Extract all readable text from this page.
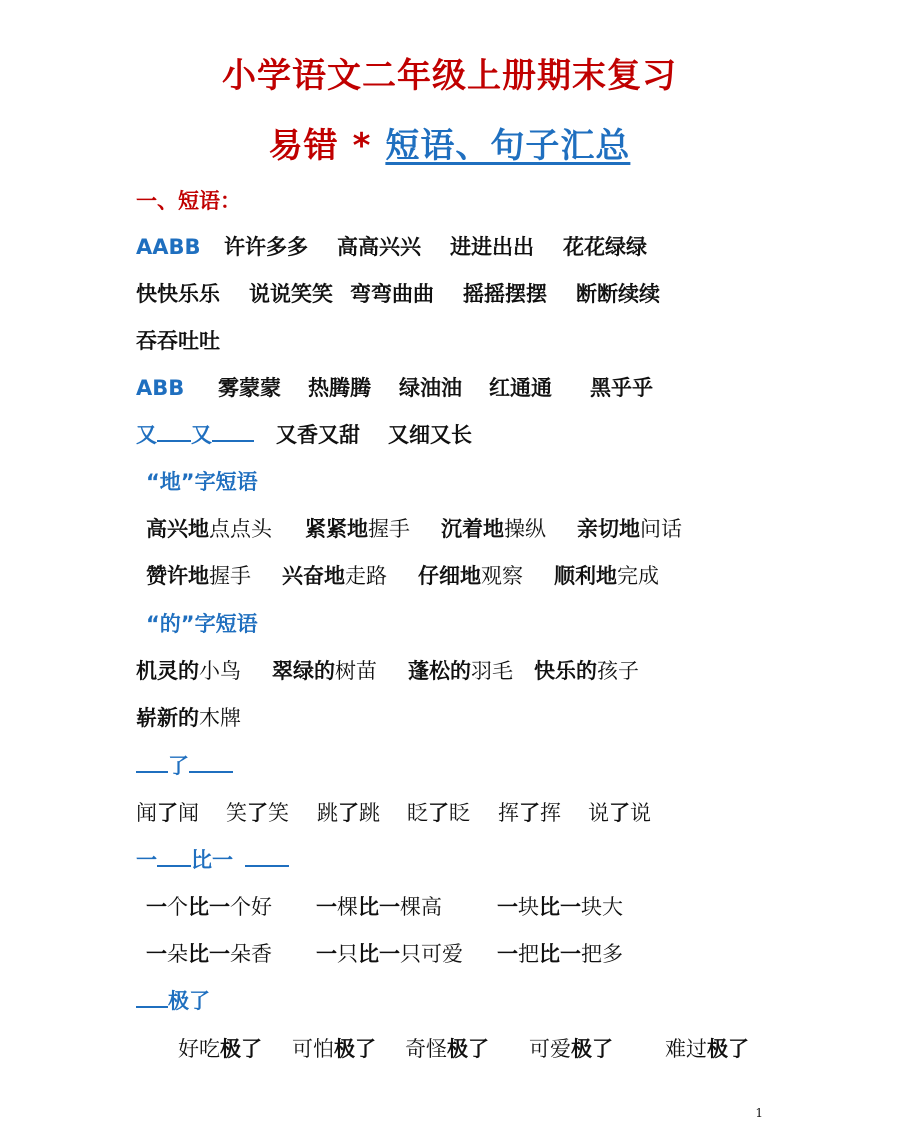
小学语文二年级上册期末复习
易错 * 短语、句子汇总
一、短语：
AABB 许许多多 高高兴兴 进进出出 花花绿绿
快快乐乐 说说笑笑 弯弯曲曲 摇摇摆摆 断断续续
吞吞吐吐
ABB 雾蒙蒙 热腾腾 绿油油 红通通 黑乎乎
又 又	又香又甜 又细又长
“地”字短语
高兴地点点头 紧紧地握手 沉着地操纵 亲切地问话
赞许地握手 兴奋地走路 仔细地观察 顺利地完成
“的”字短语
机灵的小鸟 翠绿的树苗 蓬松的羽毛 快乐的孩子
崭新的木牌
了
闻了闻 笑了笑 跳了跳 眨了眨 挥了挥 说了说
一 比一
一个比一个好 一棵比一棵高	一块比一块大
一朵比一朵香 一只比一只可爱 一把比一把多
极了
好吃极了 可怕极了 奇怪极了 可爱极了 难过极了
1
